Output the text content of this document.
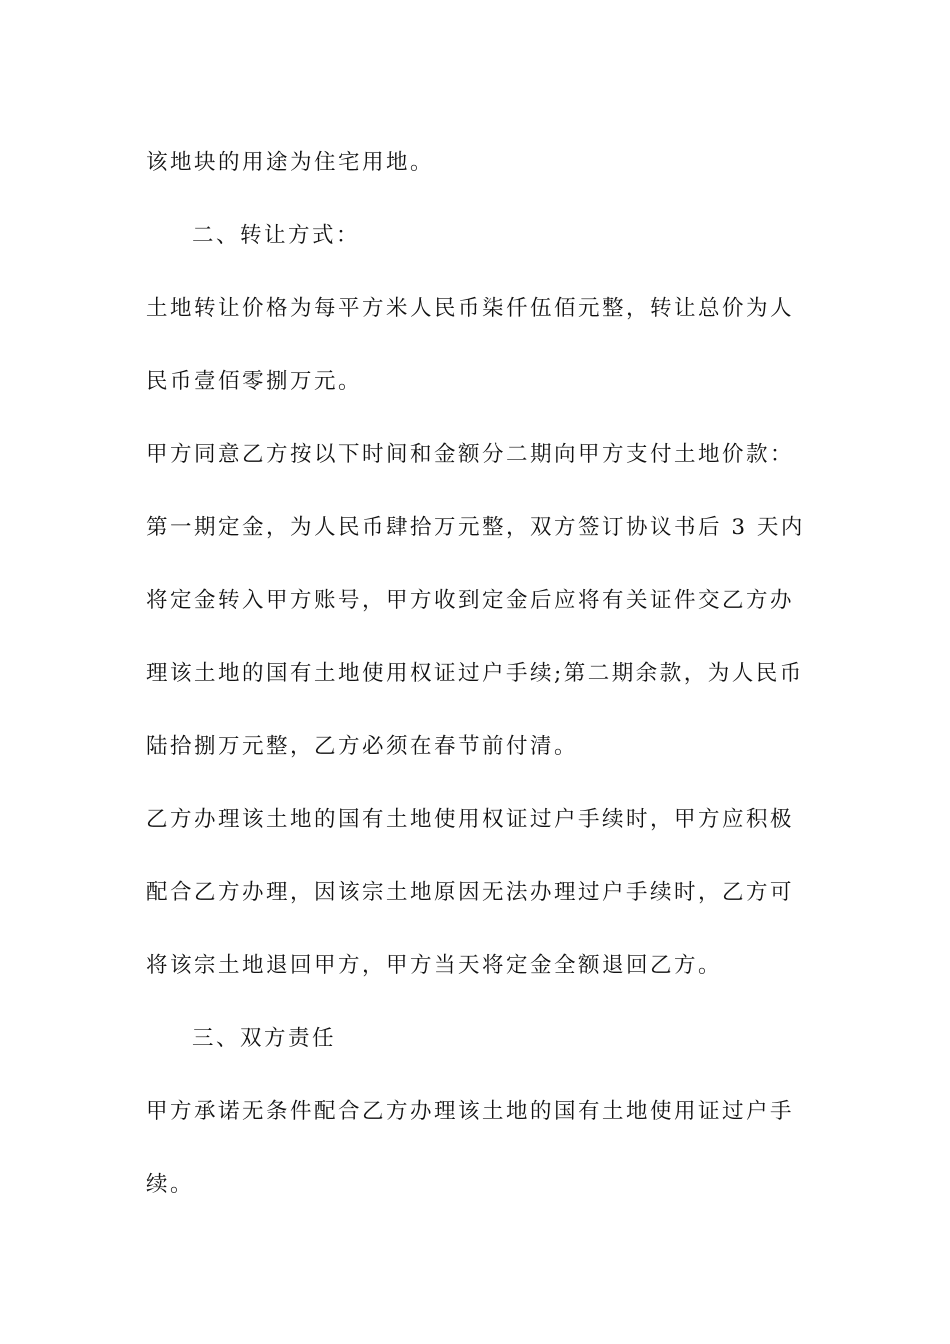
该地块的用途为住宅用地。
二、转让方式：
土地转让价格为每平方米人民币柒仟伍佰元整，转让总价为人
民币壹佰零捌万元。
甲方同意乙方按以下时间和金额分二期向甲方支付土地价款：
第一期定金，为人民币肆拾万元整，双方签订协议书后 3 天内
将定金转入甲方账号，甲方收到定金后应将有关证件交乙方办
理该土地的国有土地使用权证过户手续;第二期余款，为人民币
陆拾捌万元整，乙方必须在春节前付清。
乙方办理该土地的国有土地使用权证过户手续时，甲方应积极
配合乙方办理，因该宗土地原因无法办理过户手续时，乙方可
将该宗土地退回甲方，甲方当天将定金全额退回乙方。
三、双方责任
甲方承诺无条件配合乙方办理该土地的国有土地使用证过户手
续。
